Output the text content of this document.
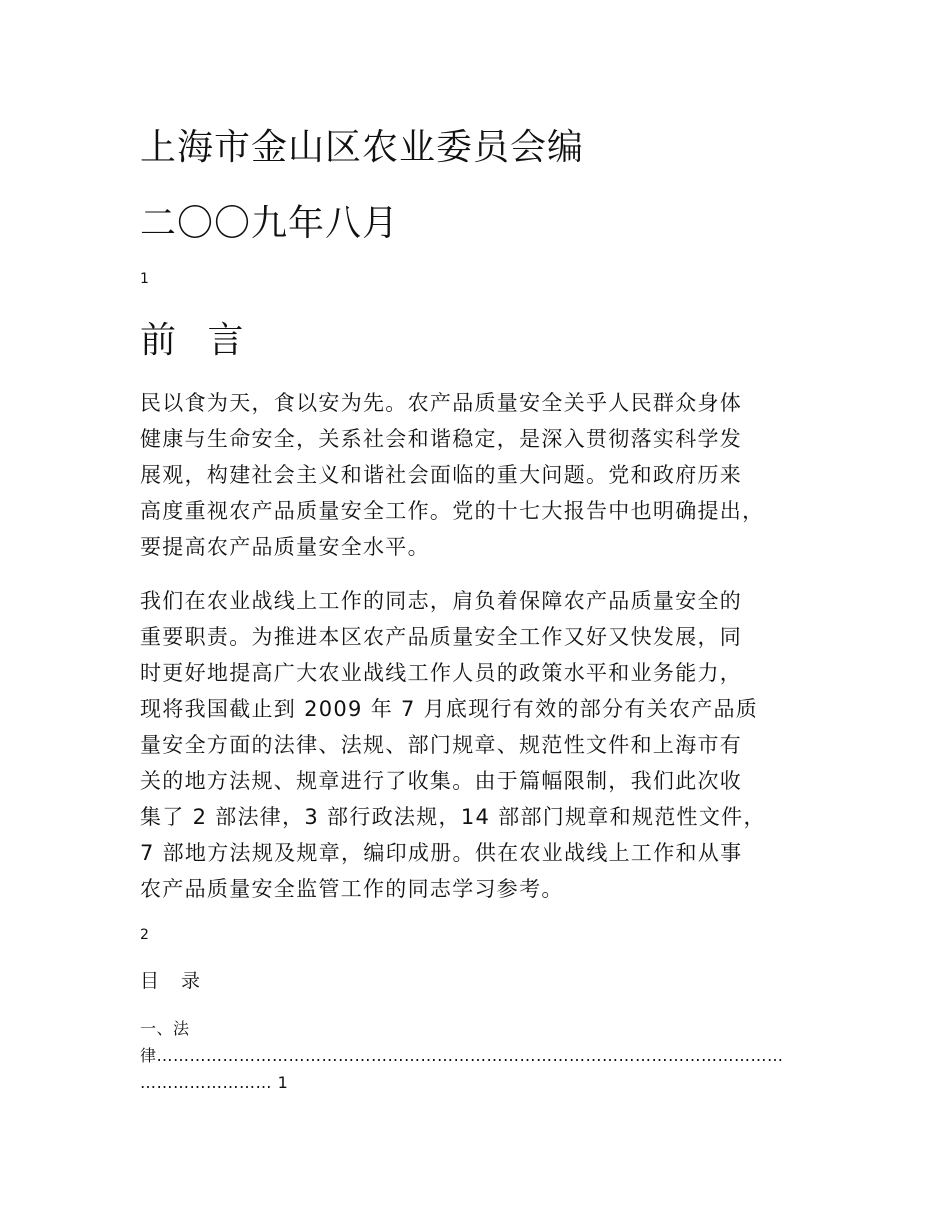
上海市金山区农业委员会编
二〇〇九年八月
1
前 言
民以食为天，食以安为先。农产品质量安全关乎人民群众身体
健康与生命安全，关系社会和谐稳定，是深入贯彻落实科学发
展观，构建社会主义和谐社会面临的重大问题。党和政府历来
高度重视农产品质量安全工作。党的十七大报告中也明确提出，
要提高农产品质量安全水平。
我们在农业战线上工作的同志，肩负着保障农产品质量安全的
重要职责。为推进本区农产品质量安全工作又好又快发展，同
时更好地提高广大农业战线工作人员的政策水平和业务能力，
现将我国截止到 2009 年 7 月底现行有效的部分有关农产品质
量安全方面的法律、法规、部门规章、规范性文件和上海市有
关的地方法规、规章进行了收集。由于篇幅限制，我们此次收
集了 2 部法律，3 部行政法规，14 部部门规章和规范性文件，
7 部地方法规及规章，编印成册。供在农业战线上工作和从事
农产品质量安全监管工作的同志学习参考。
2
目 录
一、法
律……………………………………………………………………………………………………
…………………… 1
